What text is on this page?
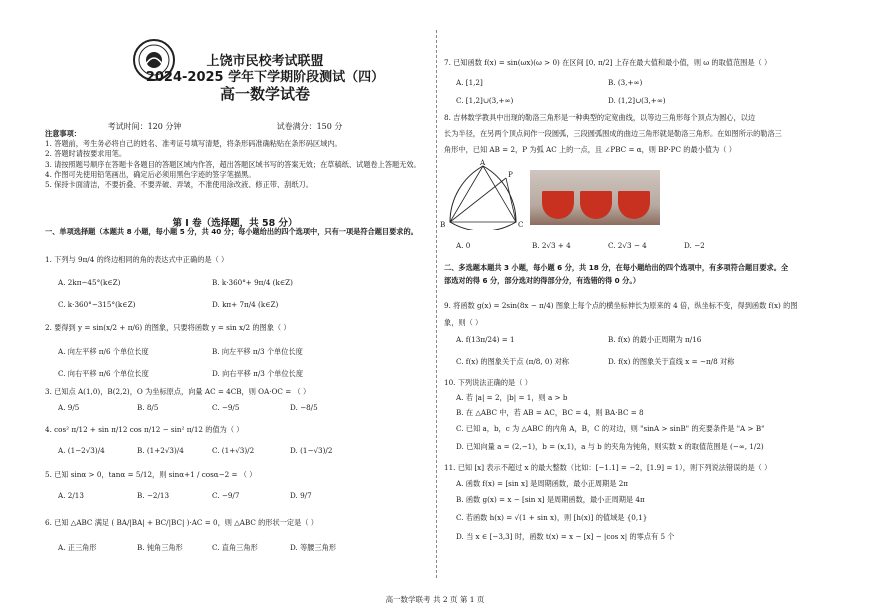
上饶市民校考试联盟
2024-2025 学年下学期阶段测试（四）
高一数学试卷
考试时间：120 分钟	试卷满分：150 分
注意事项：
1. 答题前，考生务必将自己的姓名、准考证号填写清楚，将条形码准确粘贴在条形码区域内。
2. 答题时请按要求用笔。
3. 请按照题号顺序在答题卡各题目的答题区域内作答，超出答题区域书写的答案无效；在草稿纸、试题卷上答题无效。
4. 作图可先使用铅笔画出，确定后必须用黑色字迹的签字笔描黑。
5. 保持卡面清洁，不要折叠、不要弄破、弄皱，不准使用涂改液、修正带、刮纸刀。
第 I 卷（选择题，共 58 分）
一、单项选择题（本题共 8 小题，每小题 5 分，共 40 分；每小题给出的四个选项中，只有一项是符合题目要求的。
1. 下列与 9π/4 的终边相同的角的表达式中正确的是（ ）
A. 2kπ−45°(k∈Z)	B. k·360°+ 9π/4 (k∈Z)
C. k·360°−315°(k∈Z)	D. kπ+ 7π/4 (k∈Z)
2. 要得到 y = sin(x/2 + π/6) 的图象，只要将函数 y = sin x/2 的图象（ ）
A. 向左平移 π/6 个单位长度	B. 向左平移 π/3 个单位长度
C. 向右平移 π/6 个单位长度	D. 向右平移 π/3 个单位长度
3. 已知点 A(1,0)，B(2,2)，O 为坐标原点，向量 AC = 4CB，则 OA·OC = （ ）
A. 9/5	B. 8/5	C. −9/5	D. −8/5
4. cos² π/12 + sin π/12 cos π/12 − sin² π/12 的值为（ ）
A. (1−2√3)/4	B. (1+2√3)/4	C. (1+√3)/2	D. (1−√3)/2
5. 已知 sinα > 0，tanα = 5/12，则 sinα+1 / cosα−2 = （ ）
A. 2/13	B. −2/13	C. −9/7	D. 9/7
6. 已知 △ABC 满足 ( BA/|BA| + BC/|BC| )·AC = 0，则 △ABC 的形状一定是（ ）
A. 正三角形	B. 钝角三角形	C. 直角三角形	D. 等腰三角形
7. 已知函数 f(x) = sin(ωx)(ω > 0) 在区间 [0, π/2] 上存在最大值和最小值，则 ω 的取值范围是（ ）
A. [1,2]	B. (3,+∞)
C. [1,2]∪(3,+∞)	D. (1,2]∪(3,+∞)
8. 吉林数学教具中出现的勒洛三角形是一种典型的定宽曲线，以等边三角形每个顶点为圆心，以边
长为半径，在另两个顶点间作一段圆弧，三段圆弧围成的曲边三角形就是勒洛三角形。在如图所示的勒洛三
角形中，已知 AB = 2，P 为弧 AC 上的一点，且 ∠PBC = α，则 BP·PC 的最小值为（ ）
A
P
B	C
A. 0	B. 2√3 + 4	C. 2√3 − 4	D. −2
二、多选题本题共 3 小题，每小题 6 分，共 18 分，在每小题给出的四个选项中，有多项符合题目要求。全
部选对的得 6 分，部分选对的得部分分，有选错的得 0 分。）
9. 将函数 g(x) = 2sin(8x − π/4) 图象上每个点的横坐标伸长为原来的 4 倍，纵坐标不变，得到函数 f(x) 的图
象，则（ ）
A. f(13π/24) = 1	B. f(x) 的最小正周期为 π/16
C. f(x) 的图象关于点 (π/8, 0) 对称	D. f(x) 的图象关于直线 x = −π/8 对称
10. 下列说法正确的是（ ）
A. 若 |a| = 2，|b| = 1，则 a > b
B. 在 △ABC 中，若 AB = AC，BC = 4，则 BA·BC = 8
C. 已知 a，b，c 为 △ABC 的内角 A，B，C 的对边，则 "sinA > sinB" 的充要条件是 "A > B"
D. 已知向量 a = (2,−1)，b = (x,1)，a 与 b 的夹角为钝角，则实数 x 的取值范围是 (−∞, 1/2)
11. 已知 [x] 表示不超过 x 的最大整数（比如：[−1.1] = −2，[1.9] = 1），则下列说法错误的是（ ）
A. 函数 f(x) = [sin x] 是周期函数，最小正周期是 2π
B. 函数 g(x) = x − [sin x] 是周期函数，最小正周期是 4π
C. 若函数 h(x) = √(1 + sin x)，则 [h(x)] 的值域是 {0,1}
D. 当 x ∈ [−3,3] 时，函数 t(x) = x − [x] − |cos x| 的零点有 5 个
高一数学联考 共 2 页 第 1 页
